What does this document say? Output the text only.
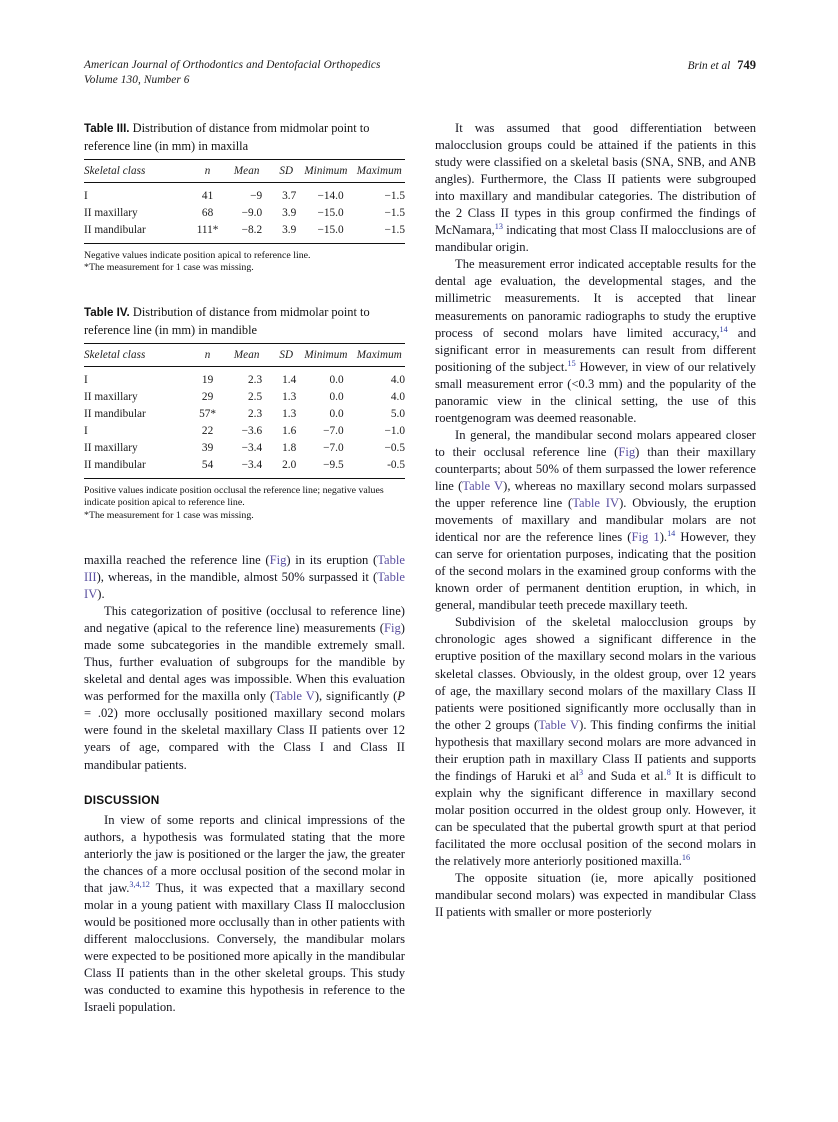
American Journal of Orthodontics and Dentofacial Orthopedics
Volume 130, Number 6
Brin et al 749
Table III. Distribution of distance from midmolar point to reference line (in mm) in maxilla
Skeletal class	n	Mean	SD	Minimum	Maximum
I	41	−9	3.7	−14.0	−1.5
II maxillary	68	−9.0	3.9	−15.0	−1.5
II mandibular	111*	−8.2	3.9	−15.0	−1.5
Negative values indicate position apical to reference line.
*The measurement for 1 case was missing.
Table IV. Distribution of distance from midmolar point to reference line (in mm) in mandible
Skeletal class	n	Mean	SD	Minimum	Maximum
I	19	2.3	1.4	0.0	4.0
II maxillary	29	2.5	1.3	0.0	4.0
II mandibular	57*	2.3	1.3	0.0	5.0
I	22	−3.6	1.6	−7.0	−1.0
II maxillary	39	−3.4	1.8	−7.0	−0.5
II mandibular	54	−3.4	2.0	−9.5	-0.5
Positive values indicate position occlusal the reference line; negative values indicate position apical to reference line.
*The measurement for 1 case was missing.

maxilla reached the reference line (Fig) in its eruption (Table III), whereas, in the mandible, almost 50% surpassed it (Table IV).

This categorization of positive (occlusal to reference line) and negative (apical to the reference line) measurements (Fig) made some subcategories in the mandible extremely small. Thus, further evaluation of subgroups for the mandible by skeletal and dental ages was impossible. When this evaluation was performed for the maxilla only (Table V), significantly (P = .02) more occlusally positioned maxillary second molars were found in the skeletal maxillary Class II patients over 12 years of age, compared with the Class I and Class II mandibular patients.

DISCUSSION

In view of some reports and clinical impressions of the authors, a hypothesis was formulated stating that the more anteriorly the jaw is positioned or the larger the jaw, the greater the chances of a more occlusal position of the second molar in that jaw.$^{3,4,12}$ Thus, it was expected that a maxillary second molar in a young patient with maxillary Class II malocclusion would be positioned more occlusally than in other patients with different malocclusions. Conversely, the mandibular molars were expected to be positioned more apically in the mandibular Class II patients than in the other skeletal groups. This study was conducted to examine this hypothesis in reference to the Israeli population.

It was assumed that good differentiation between malocclusion groups could be attained if the patients in this study were classified on a skeletal basis (SNA, SNB, and ANB angles). Furthermore, the Class II patients were subgrouped into maxillary and mandibular categories. The distribution of the 2 Class II types in this group confirmed the findings of McNamara,$^{13}$ indicating that most Class II malocclusions are of mandibular origin.

The measurement error indicated acceptable results for the dental age evaluation, the developmental stages, and the millimetric measurements. It is accepted that linear measurements on panoramic radiographs to study the eruptive process of second molars have limited accuracy,$^{14}$ and significant error in measurements can result from different positioning of the subject.$^{15}$ However, in view of our relatively small measurement error (<0.3 mm) and the popularity of the panoramic view in the clinical setting, the use of this roentgenogram was deemed reasonable.

In general, the mandibular second molars appeared closer to their occlusal reference line (Fig) than their maxillary counterparts; about 50% of them surpassed the lower reference line (Table V), whereas no maxillary second molars surpassed the upper reference line (Table IV). Obviously, the eruption movements of maxillary and mandibular molars are not identical nor are the reference lines (Fig 1).$^{14}$ However, they can serve for orientation purposes, indicating that the position of the second molars in the examined group conforms with the known order of permanent dentition eruption, in which, in general, mandibular teeth precede maxillary teeth.

Subdivision of the skeletal malocclusion groups by chronologic ages showed a significant difference in the eruptive position of the maxillary second molars in the various skeletal classes. Obviously, in the oldest group, over 12 years of age, the maxillary second molars of the maxillary Class II patients were positioned significantly more occlusally than in the other 2 groups (Table V). This finding confirms the initial hypothesis that maxillary second molars are more advanced in their eruption path in maxillary Class II patients and supports the findings of Haruki et $al^3$ and Suda et al.$^8$ It is difficult to explain why the significant difference in maxillary second molar position occurred in the oldest group only. However, it can be speculated that the pubertal growth spurt at that period facilitated the more occlusal position of the second molars in the relatively more anteriorly positioned maxilla.$^{16}$

The opposite situation (ie, more apically positioned mandibular second molars) was expected in mandibular Class II patients with smaller or more posteriorly
